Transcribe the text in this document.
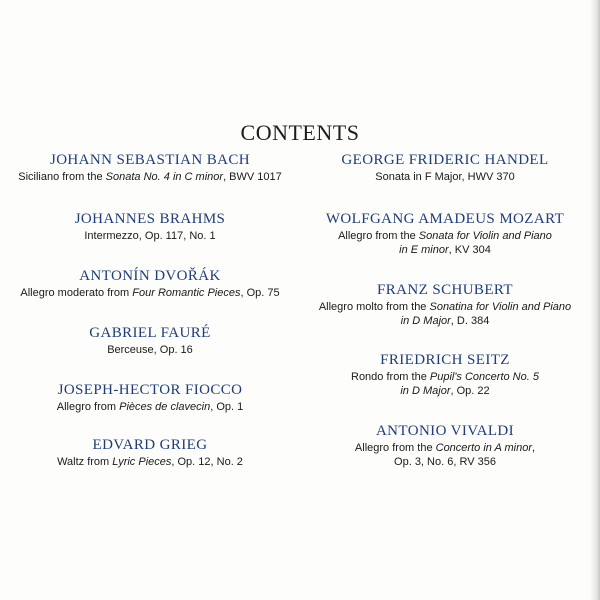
CONTENTS
JOHANN SEBASTIAN BACH
Siciliano from the Sonata No. 4 in C minor, BWV 1017
JOHANNES BRAHMS
Intermezzo, Op. 117, No. 1
ANTONÍN DVOŘÁK
Allegro moderato from Four Romantic Pieces, Op. 75
GABRIEL FAURÉ
Berceuse, Op. 16
JOSEPH-HECTOR FIOCCO
Allegro from Pièces de clavecin, Op. 1
EDVARD GRIEG
Waltz from Lyric Pieces, Op. 12, No. 2
GEORGE FRIDERIC HANDEL
Sonata in F Major, HWV 370
WOLFGANG AMADEUS MOZART
Allegro from the Sonata for Violin and Piano
in E minor, KV 304
FRANZ SCHUBERT
Allegro molto from the Sonatina for Violin and Piano
in D Major, D. 384
FRIEDRICH SEITZ
Rondo from the Pupil's Concerto No. 5
in D Major, Op. 22
ANTONIO VIVALDI
Allegro from the Concerto in A minor,
Op. 3, No. 6, RV 356
